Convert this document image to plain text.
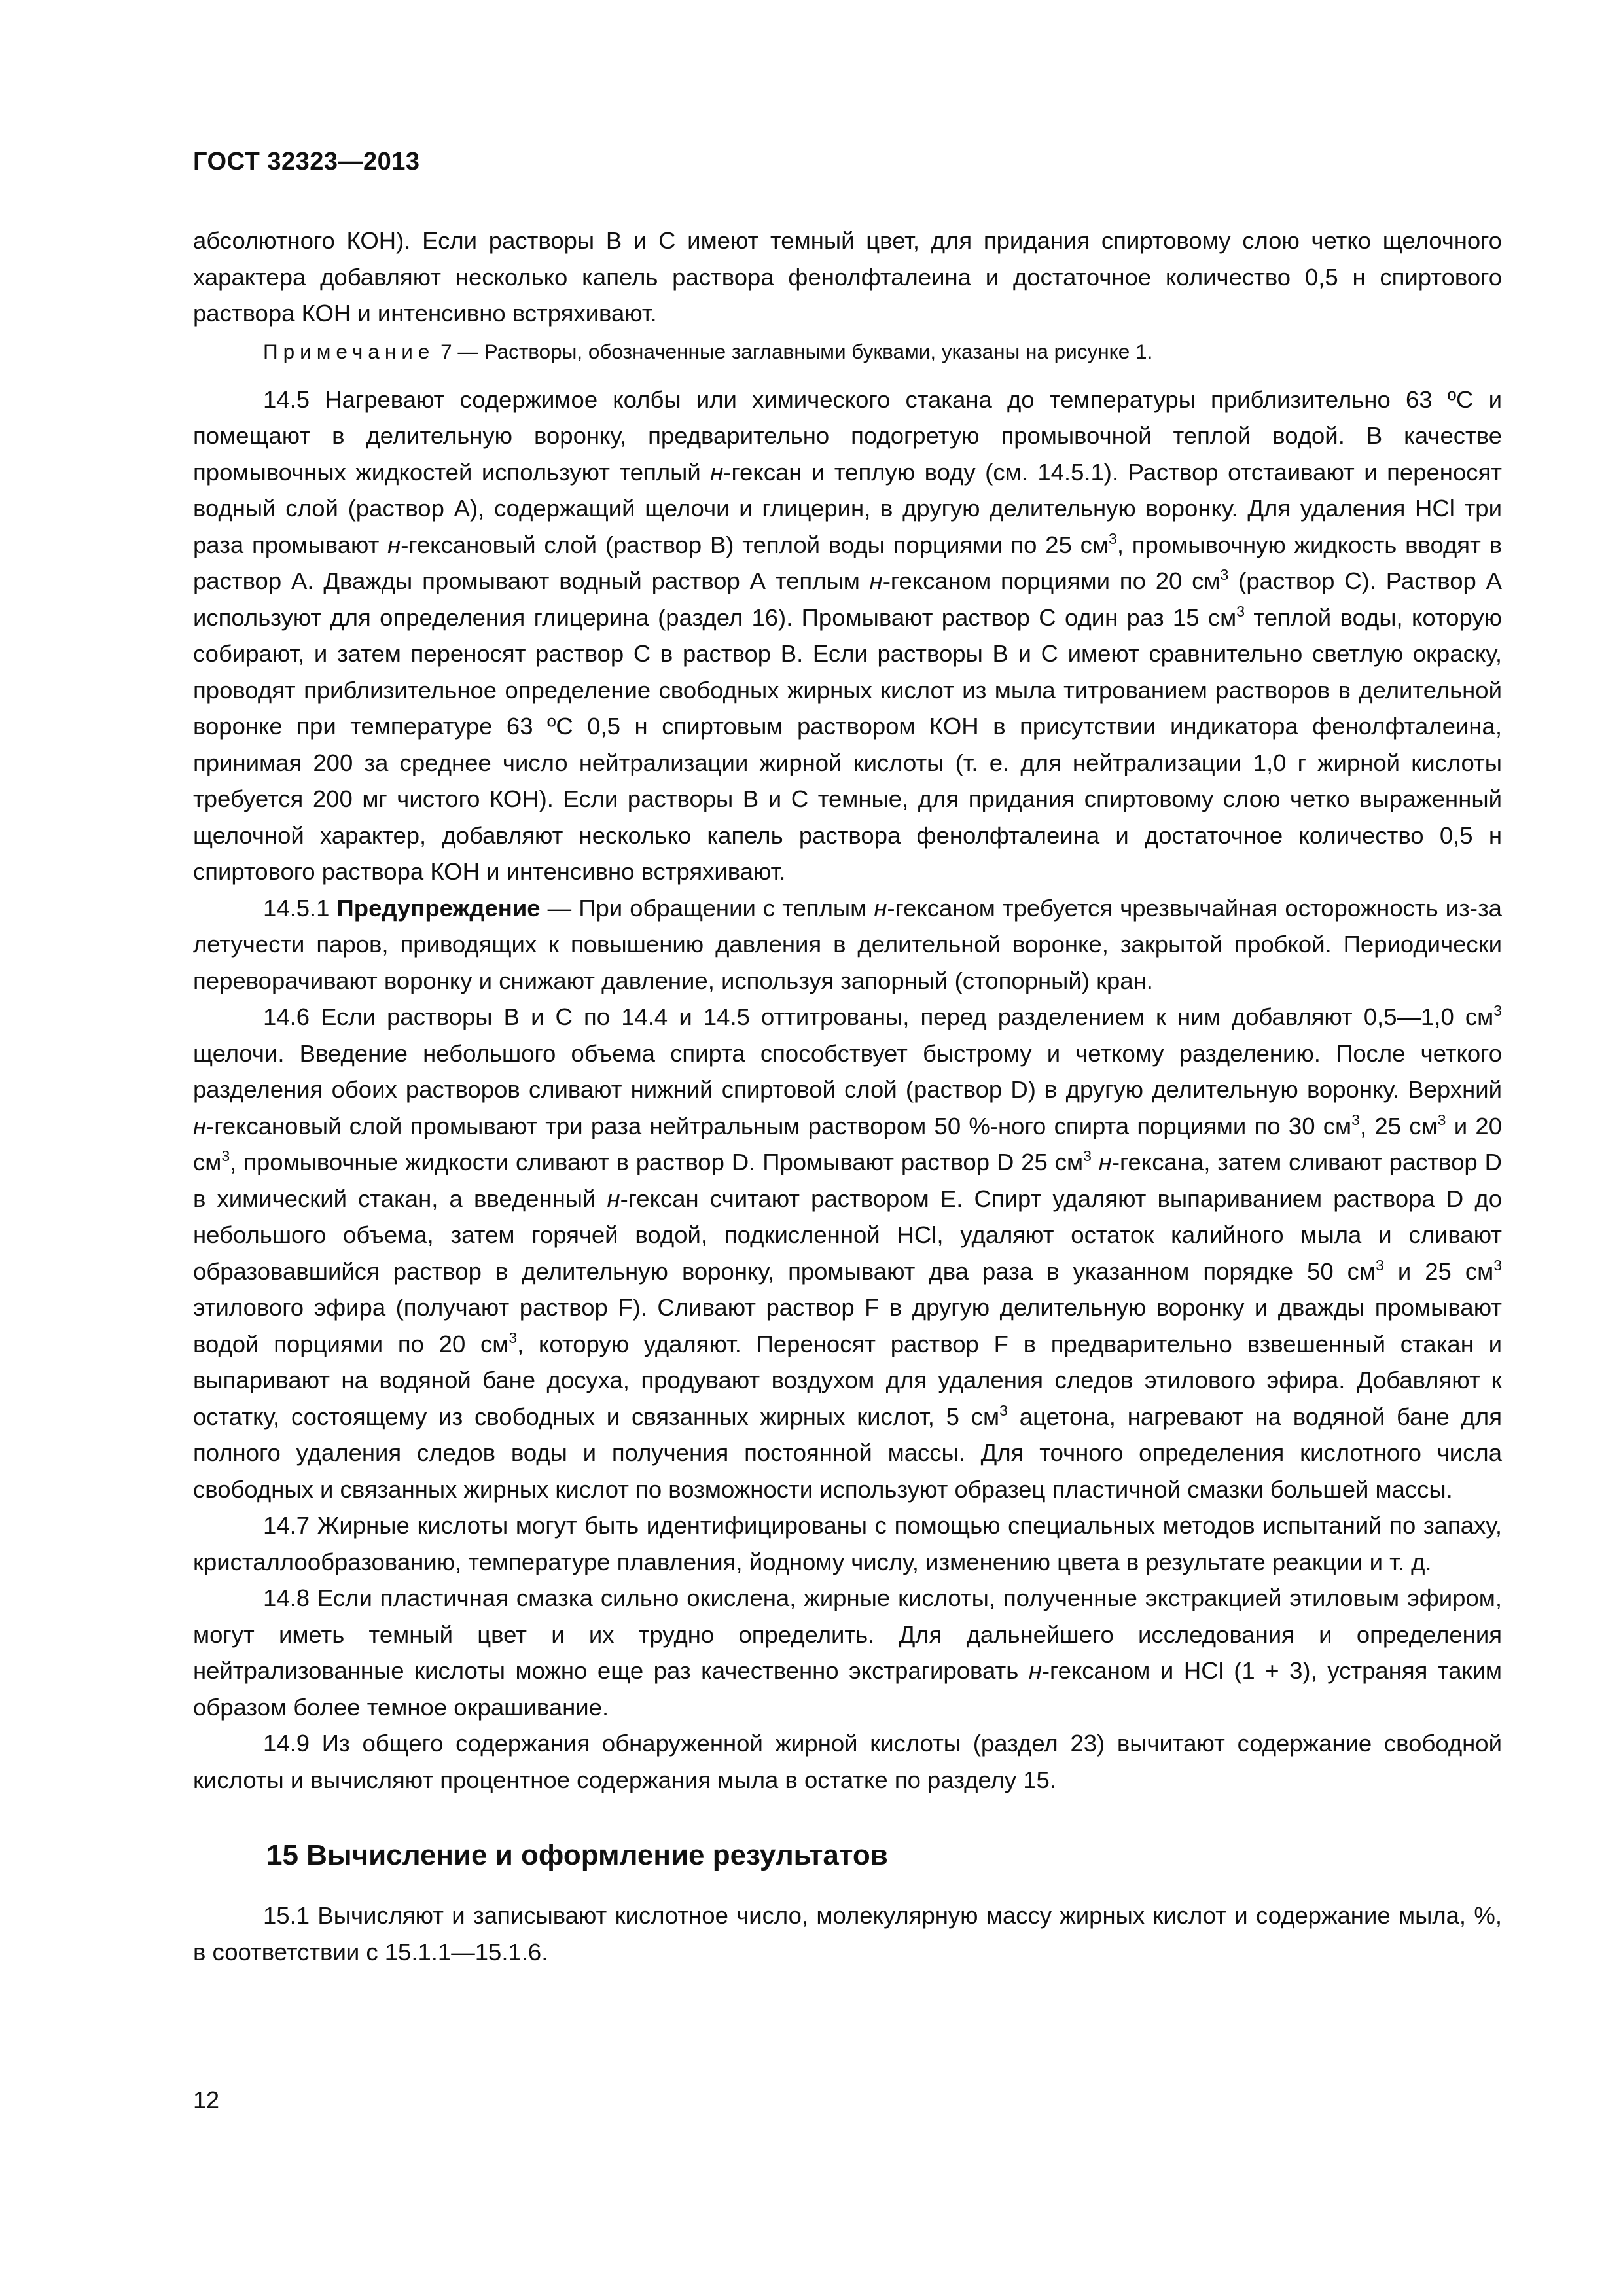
ГОСТ 32323—2013

абсолютного КОН). Если растворы В и С имеют темный цвет, для придания спиртовому слою четко щелочного характера добавляют несколько капель раствора фенолфталеина и достаточное количество 0,5 н спиртового раствора КОН и интенсивно встряхивают.

Примечание 7 — Растворы, обозначенные заглавными буквами, указаны на рисунке 1.

14.5 Нагревают содержимое колбы или химического стакана до температуры приблизительно 63 ºС и помещают в делительную воронку, предварительно подогретую промывочной теплой водой. В качестве промывочных жидкостей используют теплый н-гексан и теплую воду (см. 14.5.1). Раствор отстаивают и переносят водный слой (раствор А), содержащий щелочи и глицерин, в другую делительную воронку. Для удаления НСl три раза промывают н-гексановый слой (раствор В) теплой воды порциями по 25 $см^3$, промывочную жидкость вводят в раствор А. Дважды промывают водный раствор А теплым н-гексаном порциями по 20 $см^3$ (раствор С). Раствор А используют для определения глицерина (раздел 16). Промывают раствор С один раз 15 $см^3$ теплой воды, которую собирают, и затем переносят раствор С в раствор В. Если растворы В и С имеют сравнительно светлую окраску, проводят приблизительное определение свободных жирных кислот из мыла титрованием растворов в делительной воронке при температуре 63 ºС 0,5 н спиртовым раствором КОН в присутствии индикатора фенолфталеина, принимая 200 за среднее число нейтрализации жирной кислоты (т. е. для нейтрализации 1,0 г жирной кислоты требуется 200 мг чистого КОН). Если растворы В и С темные, для придания спиртовому слою четко выраженный щелочной характер, добавляют несколько капель раствора фенолфталеина и достаточное количество 0,5 н спиртового раствора КОН и интенсивно встряхивают.

14.5.1 Предупреждение — При обращении с теплым н-гексаном требуется чрезвычайная осторожность из-за летучести паров, приводящих к повышению давления в делительной воронке, закрытой пробкой. Периодически переворачивают воронку и снижают давление, используя запорный (стопорный) кран.

14.6 Если растворы В и С по 14.4 и 14.5 оттитрованы, перед разделением к ним добавляют 0,5—1,0 $см^3$ щелочи. Введение небольшого объема спирта способствует быстрому и четкому разделению. После четкого разделения обоих растворов сливают нижний спиртовой слой (раствор D) в другую делительную воронку. Верхний н-гексановый слой промывают три раза нейтральным раствором 50 %-ного спирта порциями по 30 $см^3$, 25 $см^3$ и 20 $см^3$, промывочные жидкости сливают в раствор D. Промывают раствор D 25 $см^3$ н-гексана, затем сливают раствор D в химический стакан, а введенный н-гексан считают раствором Е. Спирт удаляют выпариванием раствора D до небольшого объема, затем горячей водой, подкисленной НСl, удаляют остаток калийного мыла и сливают образовавшийся раствор в делительную воронку, промывают два раза в указанном порядке 50 $см^3$ и 25 $см^3$ этилового эфира (получают раствор F). Сливают раствор F в другую делительную воронку и дважды промывают водой порциями по 20 $см^3$, которую удаляют. Переносят раствор F в предварительно взвешенный стакан и выпаривают на водяной бане досуха, продувают воздухом для удаления следов этилового эфира. Добавляют к остатку, состоящему из свободных и связанных жирных кислот, 5 $см^3$ ацетона, нагревают на водяной бане для полного удаления следов воды и получения постоянной массы. Для точного определения кислотного числа свободных и связанных жирных кислот по возможности используют образец пластичной смазки большей массы.

14.7 Жирные кислоты могут быть идентифицированы с помощью специальных методов испытаний по запаху, кристаллообразованию, температуре плавления, йодному числу, изменению цвета в результате реакции и т. д.

14.8 Если пластичная смазка сильно окислена, жирные кислоты, полученные экстракцией этиловым эфиром, могут иметь темный цвет и их трудно определить. Для дальнейшего исследования и определения нейтрализованные кислоты можно еще раз качественно экстрагировать н-гексаном и НСl (1 + 3), устраняя таким образом более темное окрашивание.

14.9 Из общего содержания обнаруженной жирной кислоты (раздел 23) вычитают содержание свободной кислоты и вычисляют процентное содержания мыла в остатке по разделу 15.

15 Вычисление и оформление результатов

15.1 Вычисляют и записывают кислотное число, молекулярную массу жирных кислот и содержание мыла, %, в соответствии с 15.1.1—15.1.6.

12
